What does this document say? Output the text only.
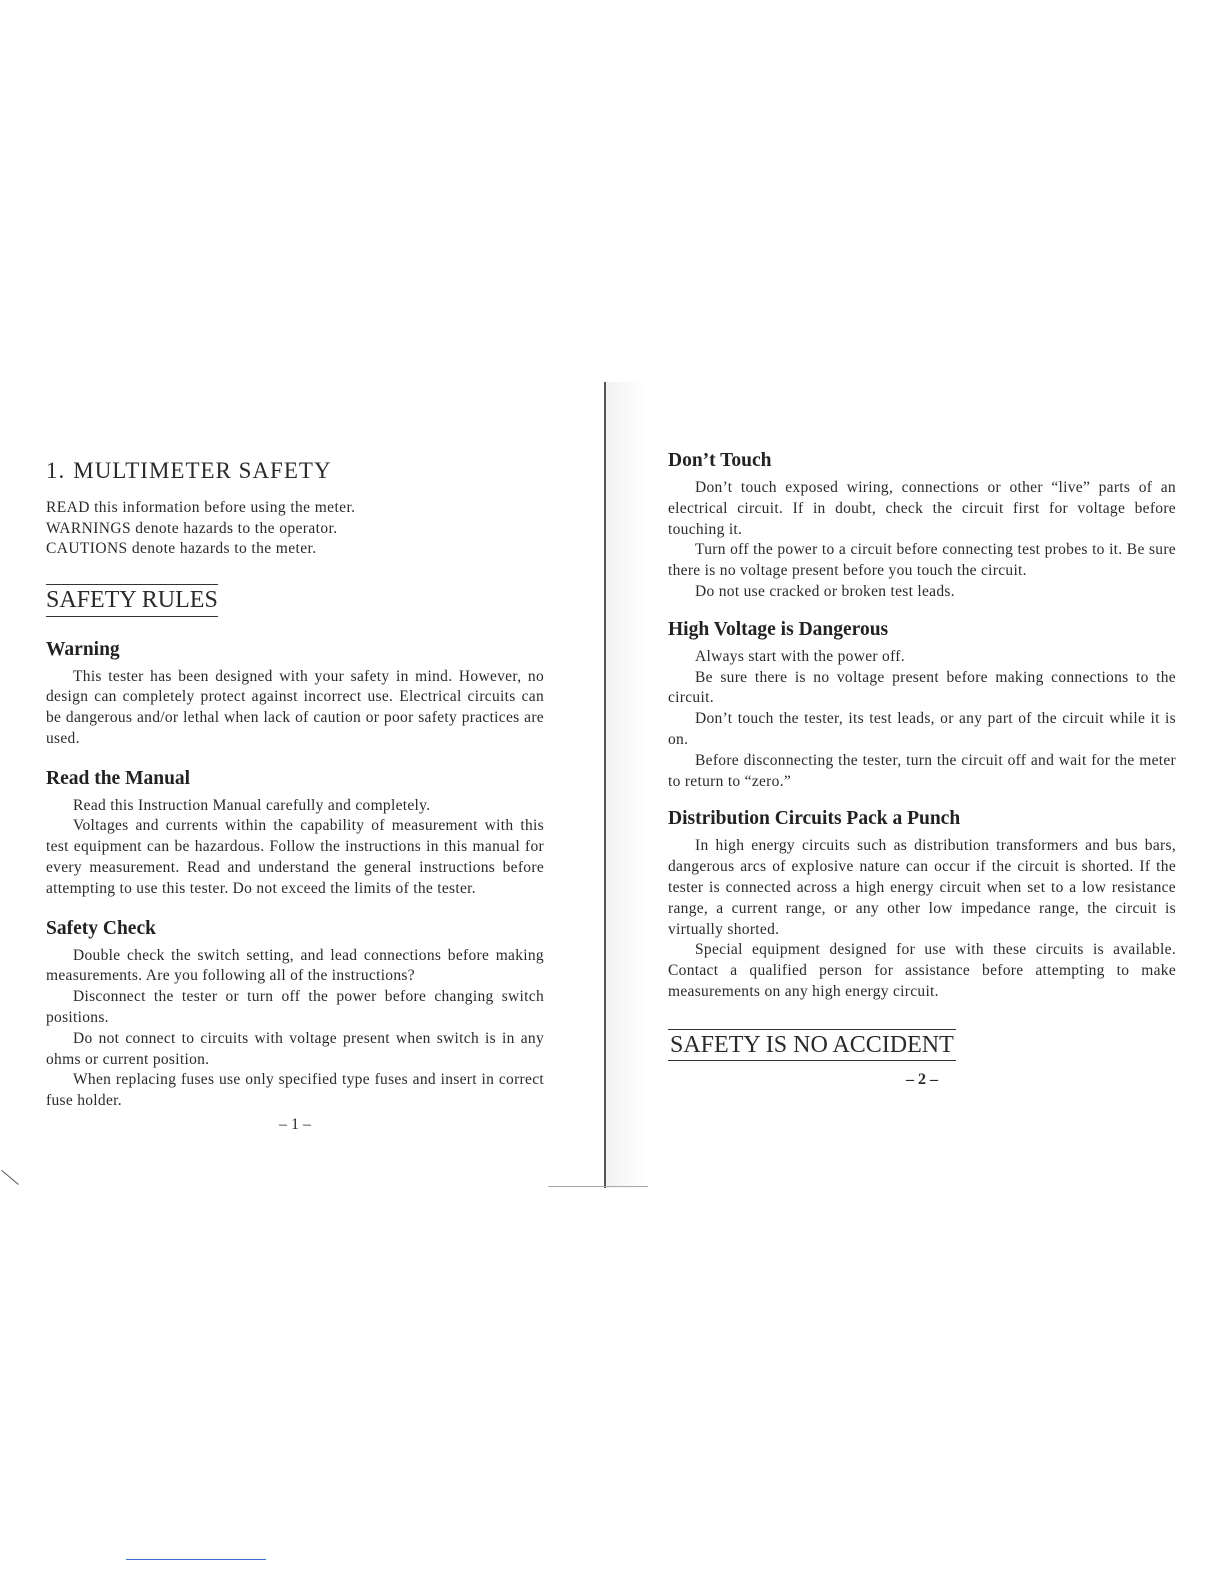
1. MULTIMETER SAFETY

READ this information before using the meter.

WARNINGS denote hazards to the operator.

CAUTIONS denote hazards to the meter.

SAFETY RULES
Warning

This tester has been designed with your safety in mind. However, no design can completely protect against incorrect use. Electrical circuits can be dangerous and/or lethal when lack of caution or poor safety practices are used.

Read the Manual

Read this Instruction Manual carefully and completely.

Voltages and currents within the capability of measurement with this test equipment can be hazardous. Follow the instructions in this manual for every measurement. Read and understand the general instructions before attempting to use this tester. Do not exceed the limits of the tester.

Safety Check

Double check the switch setting, and lead connections before making measurements. Are you following all of the instructions?

Disconnect the tester or turn off the power before changing switch positions.

Do not connect to circuits with voltage present when switch is in any ohms or current position.

When replacing fuses use only specified type fuses and insert in correct fuse holder.

– 1 –
Don’t Touch

Don’t touch exposed wiring, connections or other “live” parts of an electrical circuit. If in doubt, check the circuit first for voltage before touching it.

Turn off the power to a circuit before connecting test probes to it. Be sure there is no voltage present before you touch the circuit.

Do not use cracked or broken test leads.

High Voltage is Dangerous

Always start with the power off.

Be sure there is no voltage present before making connections to the circuit.

Don’t touch the tester, its test leads, or any part of the circuit while it is on.

Before disconnecting the tester, turn the circuit off and wait for the meter to return to “zero.”

Distribution Circuits Pack a Punch

In high energy circuits such as distribution transformers and bus bars, dangerous arcs of explosive nature can occur if the circuit is shorted. If the tester is connected across a high energy circuit when set to a low resistance range, a current range, or any other low impedance range, the circuit is virtually shorted.

Special equipment designed for use with these circuits is available. Contact a qualified person for assistance before attempting to make measurements on any high energy circuit.

SAFETY IS NO ACCIDENT
– 2 –
